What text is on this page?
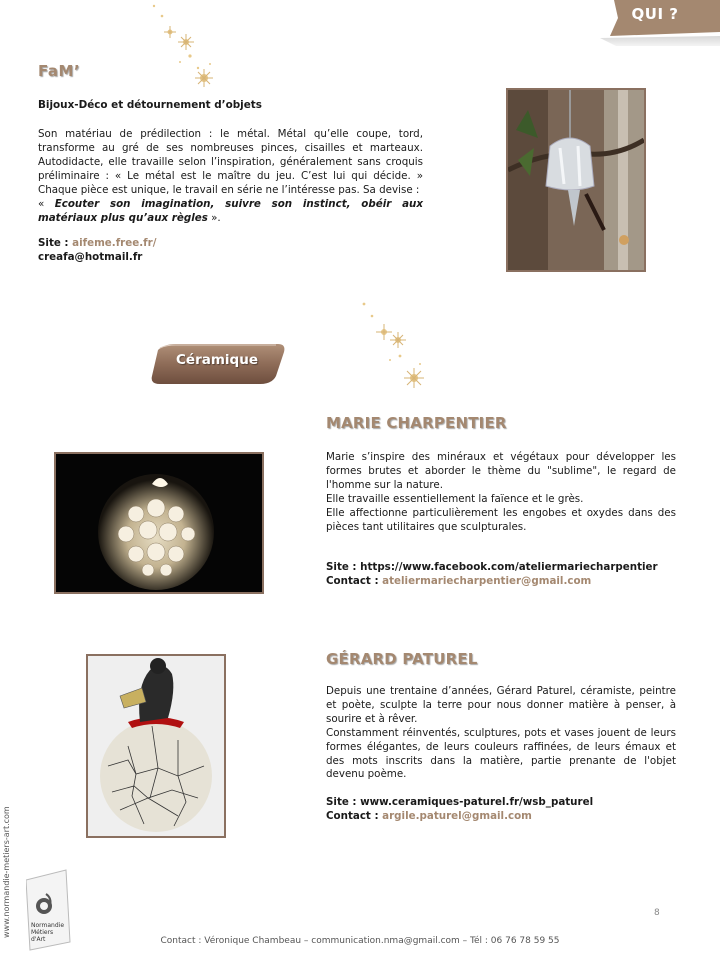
QUI ?
FaM’
Bijoux-Déco et détournement d’objets

Son matériau de prédilection : le métal. Métal qu’elle coupe, tord, transforme au gré de ses nombreuses pinces, cisailles et marteaux. Autodidacte, elle travaille selon l’inspiration, généralement sans croquis préliminaire : « Le métal est le maître du jeu. C’est lui qui décide. » Chaque pièce est unique, le travail en série ne l’intéresse pas. Sa devise :
« Ecouter son imagination, suivre son instinct, obéir aux matériaux plus qu’aux règles ».

Site : aifeme.free.fr/
creafa@hotmail.fr
Céramique
MARIE CHARPENTIER

Marie s’inspire des minéraux et végétaux pour développer les formes brutes et aborder le thème du "sublime", le regard de l'homme sur la nature.

Elle travaille essentiellement la faïence et le grès.

Elle affectionne particulièrement les engobes et oxydes dans des pièces tant utilitaires que sculpturales.

Site : https://www.facebook.com/ateliermariecharpentier
Contact : ateliermariecharpentier@gmail.com
GÉRARD PATUREL

Depuis une trentaine d’années, Gérard Paturel, céramiste, peintre et poète, sculpte la terre pour nous donner matière à penser, à sourire et à rêver.

Constamment réinventés, sculptures, pots et vases jouent de leurs formes élégantes, de leurs couleurs raffinées, de leurs émaux et des mots inscrits dans la matière, partie prenante de l'objet devenu poème.

Site : www.ceramiques-paturel.fr/wsb_paturel
Contact : argile.paturel@gmail.com
www.normandie-metiers-art.com	Normandie
Métiers
d'Art
8
Contact : Véronique Chambeau – communication.nma@gmail.com – Tél : 06 76 78 59 55
